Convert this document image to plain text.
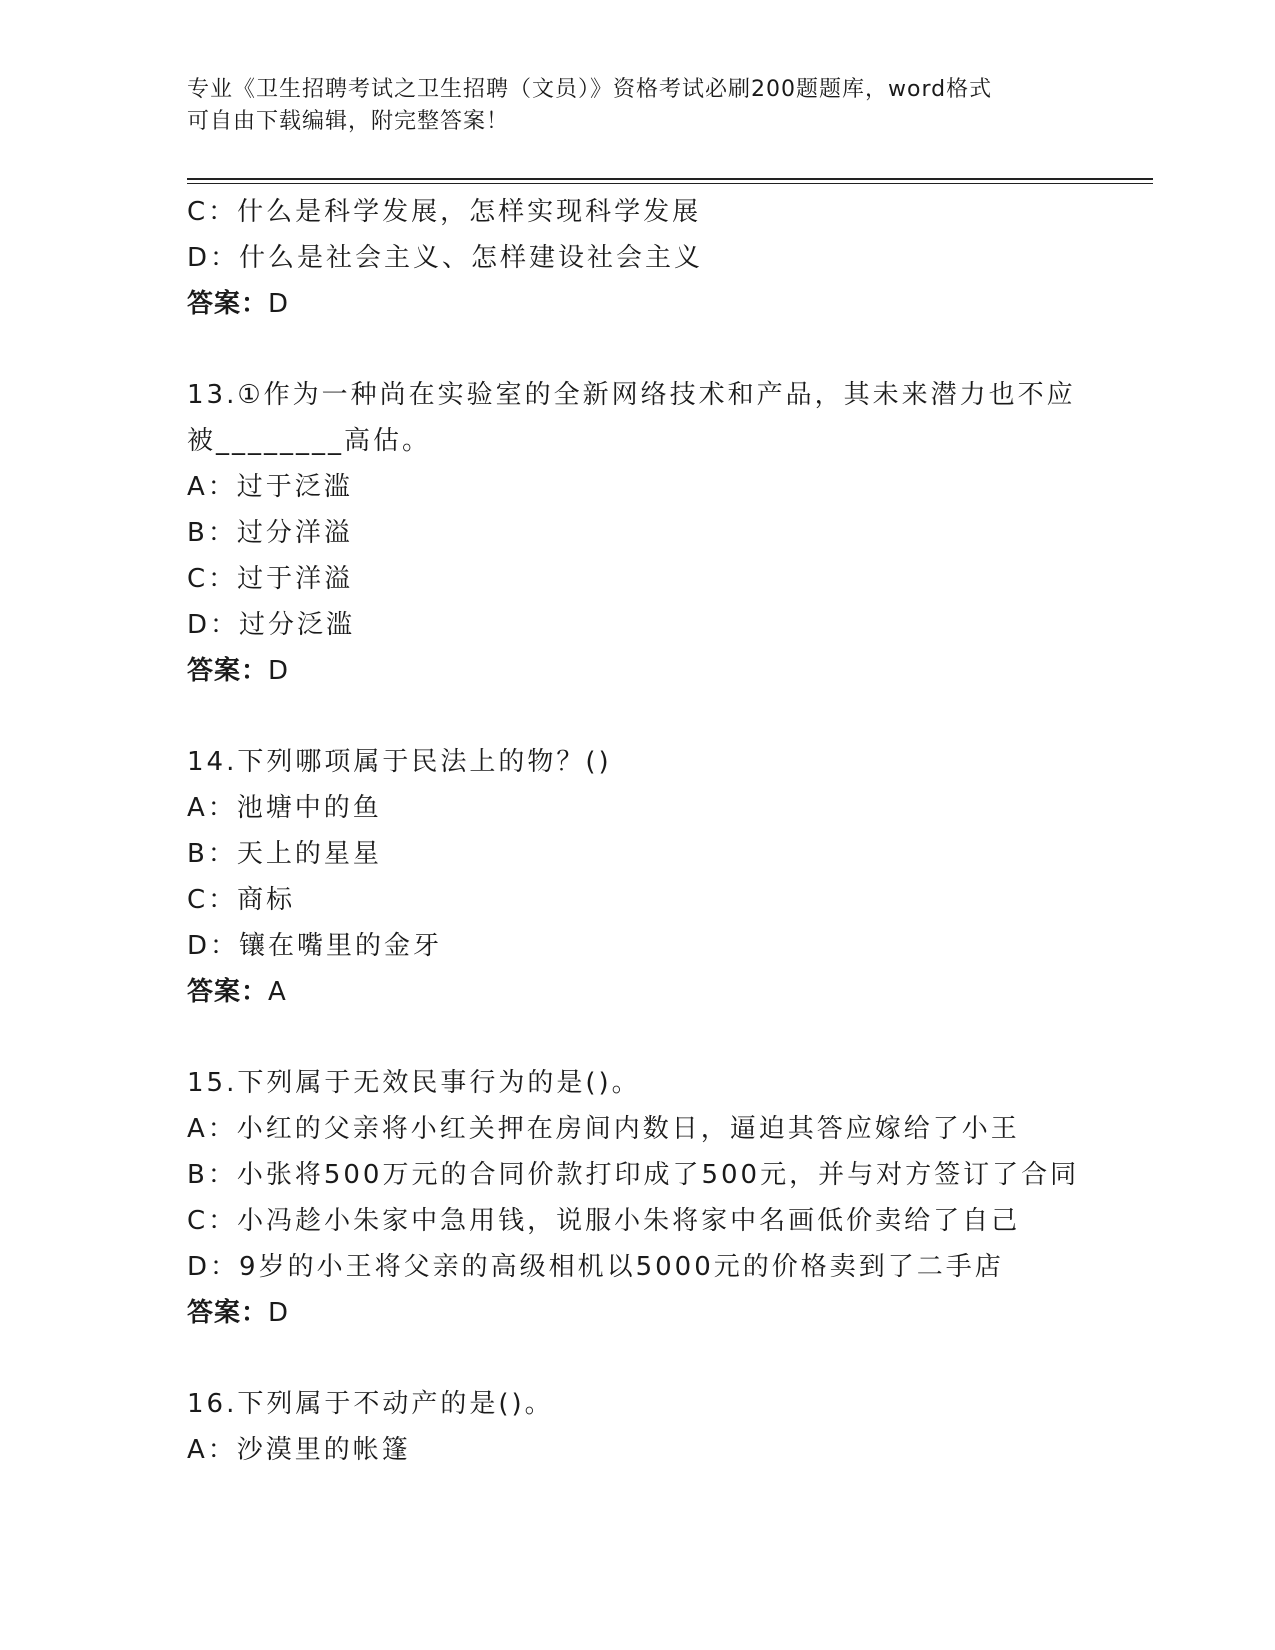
专业《卫生招聘考试之卫生招聘（文员）》资格考试必刷200题题库，word格式
可自由下载编辑，附完整答案！
C：什么是科学发展，怎样实现科学发展
D：什么是社会主义、怎样建设社会主义
答案：D
13.①作为一种尚在实验室的全新网络技术和产品，其未来潜力也不应
被________高估。
A：过于泛滥
B：过分洋溢
C：过于洋溢
D：过分泛滥
答案：D
14.下列哪项属于民法上的物？()
A：池塘中的鱼
B：天上的星星
C：商标
D：镶在嘴里的金牙
答案：A
15.下列属于无效民事行为的是()。
A：小红的父亲将小红关押在房间内数日，逼迫其答应嫁给了小王
B：小张将500万元的合同价款打印成了500元，并与对方签订了合同
C：小冯趁小朱家中急用钱，说服小朱将家中名画低价卖给了自己
D：9岁的小王将父亲的高级相机以5000元的价格卖到了二手店
答案：D
16.下列属于不动产的是()。
A：沙漠里的帐篷
